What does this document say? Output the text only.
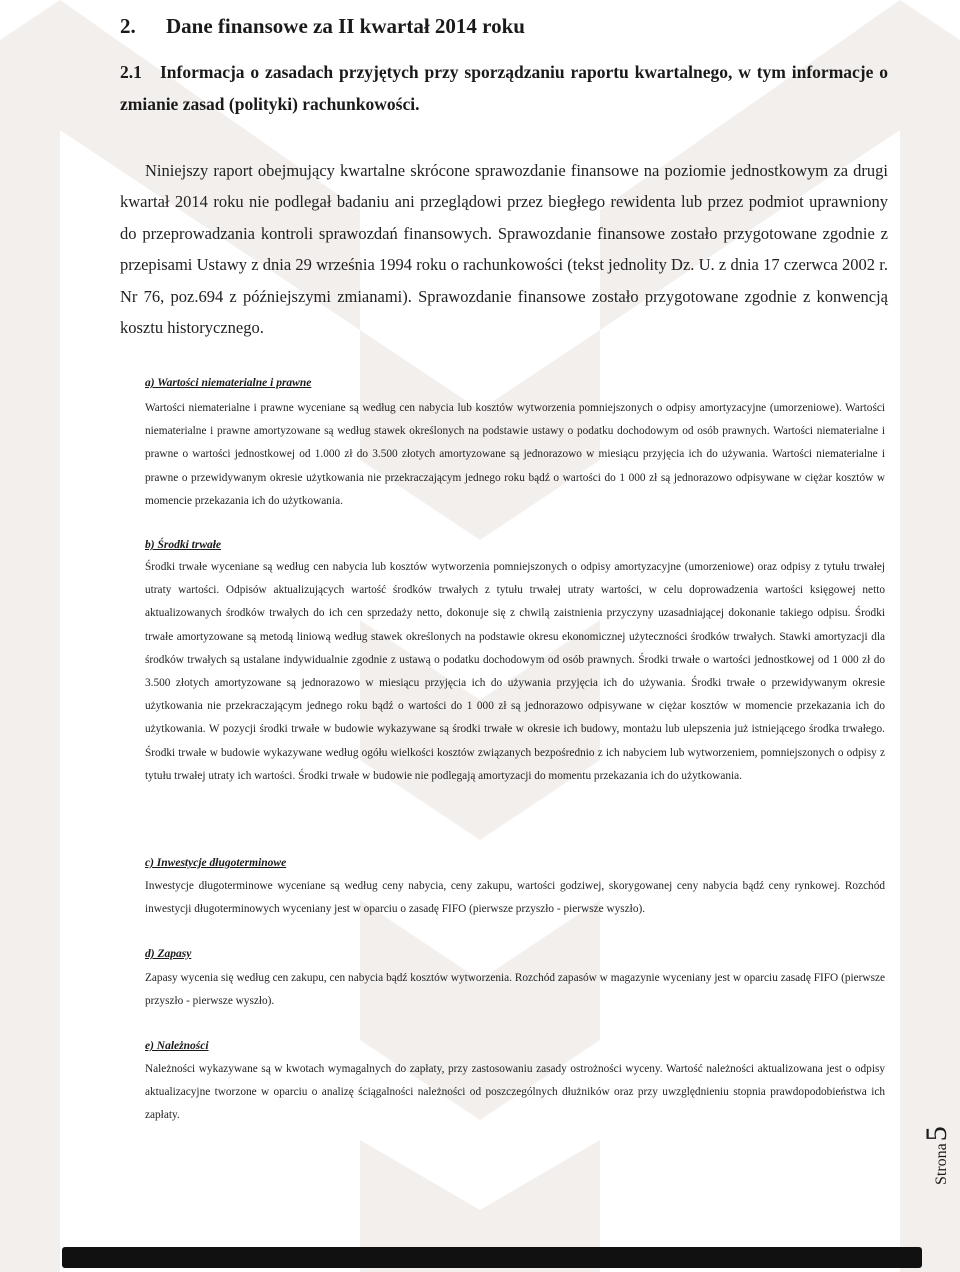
2. Dane finansowe za II kwartał 2014 roku
2.1 Informacja o zasadach przyjętych przy sporządzaniu raportu kwartalnego, w tym informacje o zmianie zasad (polityki) rachunkowości.

Niniejszy raport obejmujący kwartalne skrócone sprawozdanie finansowe na poziomie jednostkowym za drugi kwartał 2014 roku nie podlegał badaniu ani przeglądowi przez biegłego rewidenta lub przez podmiot uprawniony do przeprowadzania kontroli sprawozdań finansowych. Sprawozdanie finansowe zostało przygotowane zgodnie z przepisami Ustawy z dnia 29 września 1994 roku o rachunkowości (tekst jednolity Dz. U. z dnia 17 czerwca 2002 r. Nr 76, poz.694 z późniejszymi zmianami). Sprawozdanie finansowe zostało przygotowane zgodnie z konwencją kosztu historycznego.

a) Wartości niematerialne i prawne

Wartości niematerialne i prawne wyceniane są według cen nabycia lub kosztów wytworzenia pomniejszonych o odpisy amortyzacyjne (umorzeniowe). Wartości niematerialne i prawne amortyzowane są według stawek określonych na podstawie ustawy o podatku dochodowym od osób prawnych. Wartości niematerialne i prawne o wartości jednostkowej od 1.000 zł do 3.500 złotych amortyzowane są jednorazowo w miesiącu przyjęcia ich do używania. Wartości niematerialne i prawne o przewidywanym okresie użytkowania nie przekraczającym jednego roku bądź o wartości do 1 000 zł są jednorazowo odpisywane w ciężar kosztów w momencie przekazania ich do użytkowania.

b) Środki trwałe

Środki trwałe wyceniane są według cen nabycia lub kosztów wytworzenia pomniejszonych o odpisy amortyzacyjne (umorzeniowe) oraz odpisy z tytułu trwałej utraty wartości. Odpisów aktualizujących wartość środków trwałych z tytułu trwałej utraty wartości, w celu doprowadzenia wartości księgowej netto aktualizowanych środków trwałych do ich cen sprzedaży netto, dokonuje się z chwilą zaistnienia przyczyny uzasadniającej dokonanie takiego odpisu. Środki trwałe amortyzowane są metodą liniową według stawek określonych na podstawie okresu ekonomicznej użyteczności środków trwałych. Stawki amortyzacji dla środków trwałych są ustalane indywidualnie zgodnie z ustawą o podatku dochodowym od osób prawnych. Środki trwałe o wartości jednostkowej od 1 000 zł do 3.500 złotych amortyzowane są jednorazowo w miesiącu przyjęcia ich do używania przyjęcia ich do używania. Środki trwałe o przewidywanym okresie użytkowania nie przekraczającym jednego roku bądź o wartości do 1 000 zł są jednorazowo odpisywane w ciężar kosztów w momencie przekazania ich do użytkowania. W pozycji środki trwałe w budowie wykazywane są środki trwałe w okresie ich budowy, montażu lub ulepszenia już istniejącego środka trwałego. Środki trwałe w budowie wykazywane według ogółu wielkości kosztów związanych bezpośrednio z ich nabyciem lub wytworzeniem, pomniejszonych o odpisy z tytułu trwałej utraty ich wartości. Środki trwałe w budowie nie podlegają amortyzacji do momentu przekazania ich do użytkowania.

c) Inwestycje długoterminowe

Inwestycje długoterminowe wyceniane są według ceny nabycia, ceny zakupu, wartości godziwej, skorygowanej ceny nabycia bądź ceny rynkowej. Rozchód inwestycji długoterminowych wyceniany jest w oparciu o zasadę FIFO (pierwsze przyszło - pierwsze wyszło).

d) Zapasy

Zapasy wycenia się według cen zakupu, cen nabycia bądź kosztów wytworzenia. Rozchód zapasów w magazynie wyceniany jest w oparciu zasadę FIFO (pierwsze przyszło - pierwsze wyszło).

e) Należności

Należności wykazywane są w kwotach wymagalnych do zapłaty, przy zastosowaniu zasady ostrożności wyceny. Wartość należności aktualizowana jest o odpisy aktualizacyjne tworzone w oparciu o analizę ściągalności należności od poszczególnych dłużników oraz przy uwzględnieniu stopnia prawdopodobieństwa ich zapłaty.

Strona5
